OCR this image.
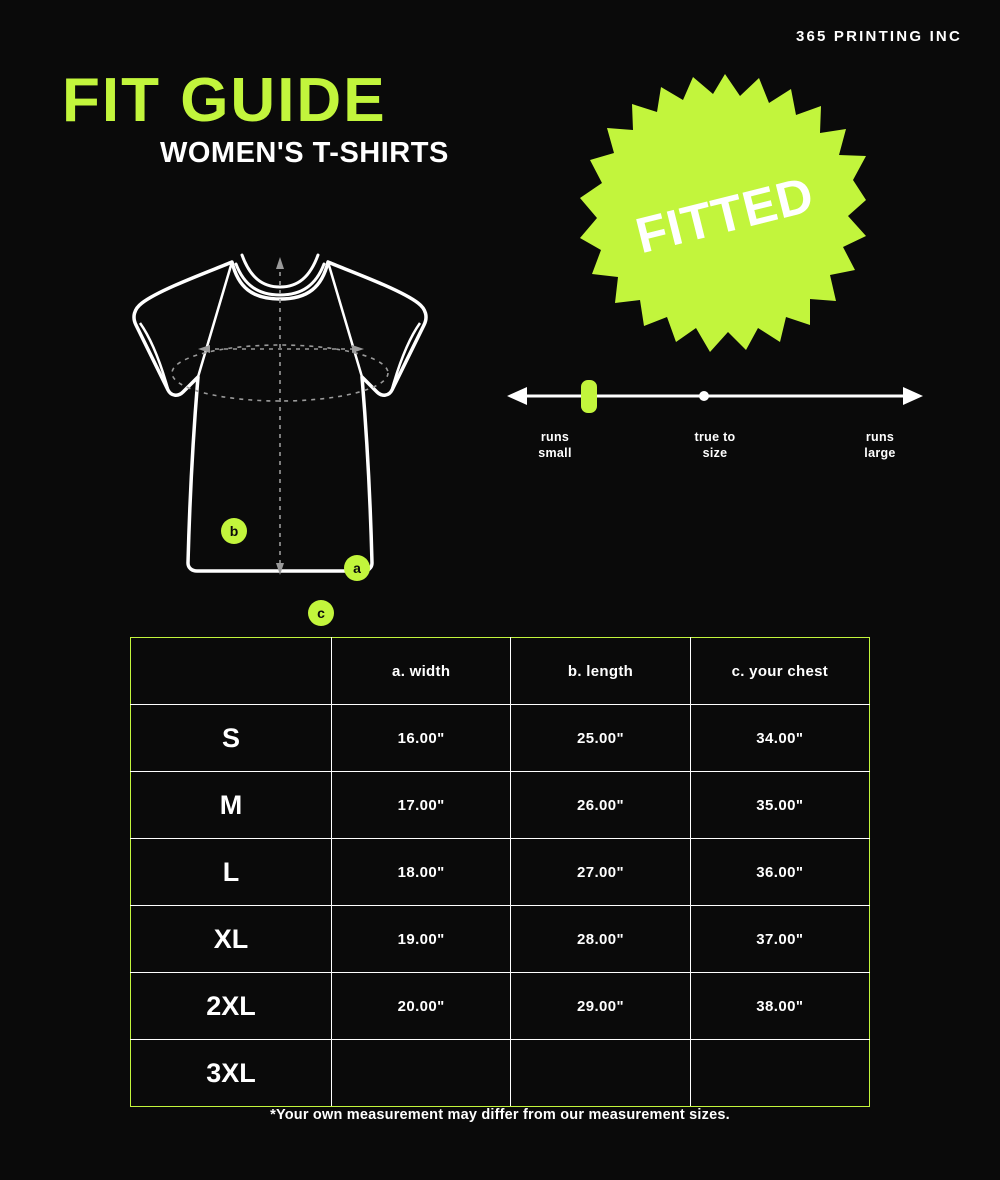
365 PRINTING INC
FIT GUIDE
WOMEN'S T-SHIRTS
a
b
c
FITTED
runs
small
true to
size
runs
large
	a. width	b. length	c. your chest
S	16.00"	25.00"	34.00"
M	17.00"	26.00"	35.00"
L	18.00"	27.00"	36.00"
XL	19.00"	28.00"	37.00"
2XL	20.00"	29.00"	38.00"
3XL			
*Your own measurement may differ from our measurement sizes.
